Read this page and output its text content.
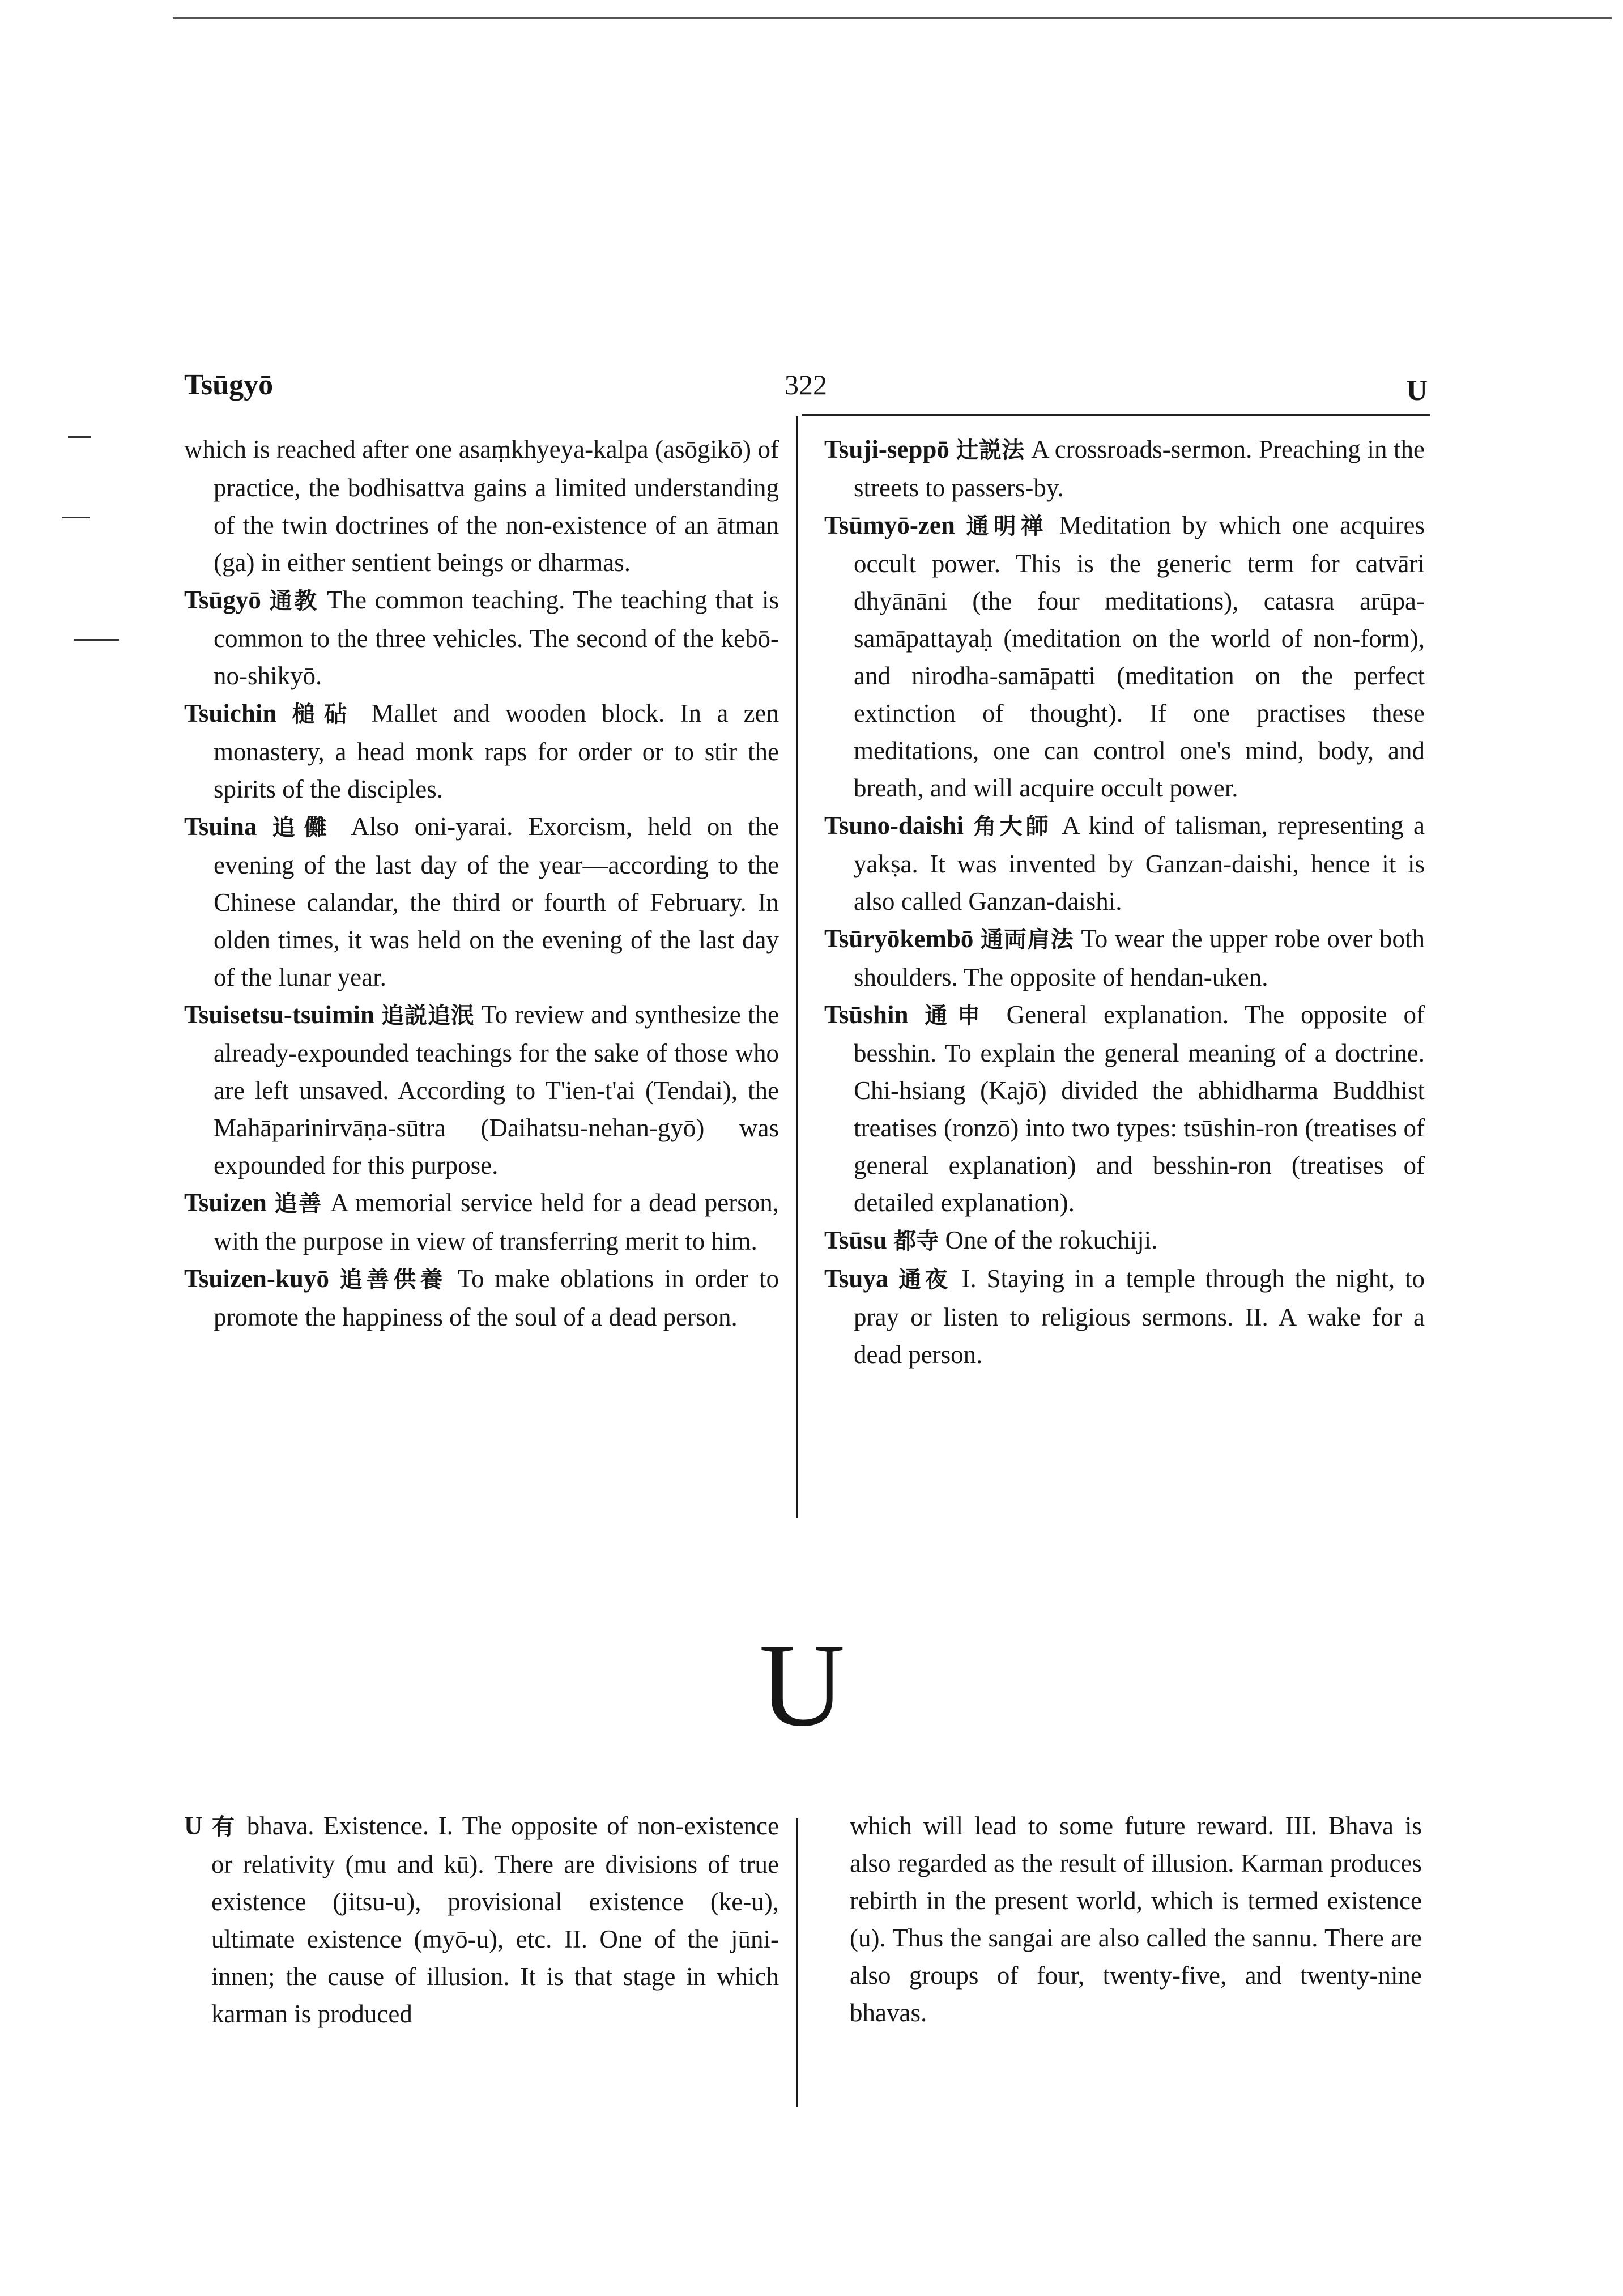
Tsūgyō	322	U

which is reached after one asaṃkhyeya-kalpa (asōgikō) of practice, the bodhisattva gains a limited understanding of the twin doctrines of the non-existence of an ātman (ga) in either sentient beings or dharmas.

Tsūgyō 通教 The common teaching. The teaching that is common to the three vehicles. The second of the kebō-no-shikyō.

Tsuichin 槌砧 Mallet and wooden block. In a zen monastery, a head monk raps for order or to stir the spirits of the disciples.

Tsuina 追儺 Also oni-yarai. Exorcism, held on the evening of the last day of the year—according to the Chinese calandar, the third or fourth of February. In olden times, it was held on the evening of the last day of the lunar year.

Tsuisetsu-tsuimin 追説追泯 To review and synthesize the already-expounded teachings for the sake of those who are left unsaved. According to T'ien-t'ai (Tendai), the Mahāparinirvāṇa-sūtra (Daihatsu-nehan-gyō) was expounded for this purpose.

Tsuizen 追善 A memorial service held for a dead person, with the purpose in view of transferring merit to him.

Tsuizen-kuyō 追善供養 To make oblations in order to promote the happiness of the soul of a dead person.

Tsuji-seppō 辻説法 A crossroads-sermon. Preaching in the streets to passers-by.

Tsūmyō-zen 通明禅 Meditation by which one acquires occult power. This is the generic term for catvāri dhyānāni (the four meditations), catasra arūpa-samāpattayaḥ (meditation on the world of non-form), and nirodha-samāpatti (meditation on the perfect extinction of thought). If one practises these meditations, one can control one's mind, body, and breath, and will acquire occult power.

Tsuno-daishi 角大師 A kind of talisman, representing a yakṣa. It was invented by Ganzan-daishi, hence it is also called Ganzan-daishi.

Tsūryōkembō 通両肩法 To wear the upper robe over both shoulders. The opposite of hendan-uken.

Tsūshin 通申 General explanation. The opposite of besshin. To explain the general meaning of a doctrine. Chi-hsiang (Kajō) divided the abhidharma Buddhist treatises (ronzō) into two types: tsūshin-ron (treatises of general explanation) and besshin-ron (treatises of detailed explanation).

Tsūsu 都寺 One of the rokuchiji.

Tsuya 通夜 I. Staying in a temple through the night, to pray or listen to religious sermons. II. A wake for a dead person.

U

U 有 bhava. Existence. I. The opposite of non-existence or relativity (mu and kū). There are divisions of true existence (jitsu-u), provisional existence (ke-u), ultimate existence (myō-u), etc. II. One of the jūni-innen; the cause of illusion. It is that stage in which karman is produced

which will lead to some future reward. III. Bhava is also regarded as the result of illusion. Karman produces rebirth in the present world, which is termed existence (u). Thus the sangai are also called the sannu. There are also groups of four, twenty-five, and twenty-nine bhavas.
